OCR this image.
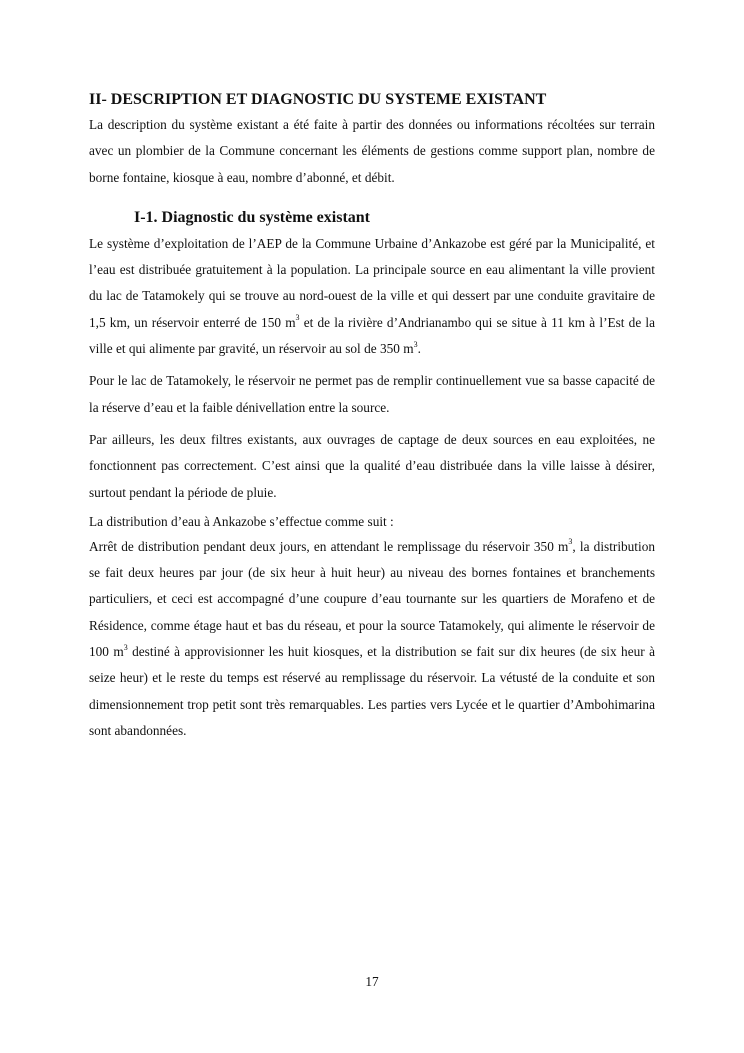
II- DESCRIPTION ET DIAGNOSTIC DU SYSTEME EXISTANT

La description du système existant a été faite à partir des données ou informations récoltées sur terrain avec un plombier de la Commune concernant les éléments de gestions comme support plan, nombre de borne fontaine, kiosque à eau, nombre d’abonné, et débit.

I-1. Diagnostic du système existant

Le système d’exploitation de l’AEP de la Commune Urbaine d’Ankazobe est géré par la Municipalité, et l’eau est distribuée gratuitement à la population. La principale source en eau alimentant la ville provient du lac de Tatamokely qui se trouve au nord-ouest de la ville et qui dessert par une conduite gravitaire de 1,5 km, un réservoir enterré de 150 $m^3$ et de la rivière d’Andrianambo qui se situe à 11 km à l’Est de la ville et qui alimente par gravité, un réservoir au sol de 350 $m^3$.

Pour le lac de Tatamokely, le réservoir ne permet pas de remplir continuellement vue sa basse capacité de la réserve d’eau et la faible dénivellation entre la source.

Par ailleurs, les deux filtres existants, aux ouvrages de captage de deux sources en eau exploitées, ne fonctionnent pas correctement. C’est ainsi que la qualité d’eau distribuée dans la ville laisse à désirer, surtout pendant la période de pluie.

La distribution d’eau à Ankazobe s’effectue comme suit :

Arrêt de distribution pendant deux jours, en attendant le remplissage du réservoir 350 $m^3$, la distribution se fait deux heures par jour (de six heur à huit heur) au niveau des bornes fontaines et branchements particuliers, et ceci est accompagné d’une coupure d’eau tournante sur les quartiers de Morafeno et de Résidence, comme étage haut et bas du réseau, et pour la source Tatamokely, qui alimente le réservoir de 100 $m^3$ destiné à approvisionner les huit kiosques, et la distribution se fait sur dix heures (de six heur à seize heur) et le reste du temps est réservé au remplissage du réservoir. La vétusté de la conduite et son dimensionnement trop petit sont très remarquables. Les parties vers Lycée et le quartier d’Ambohimarina sont abandonnées.

17
